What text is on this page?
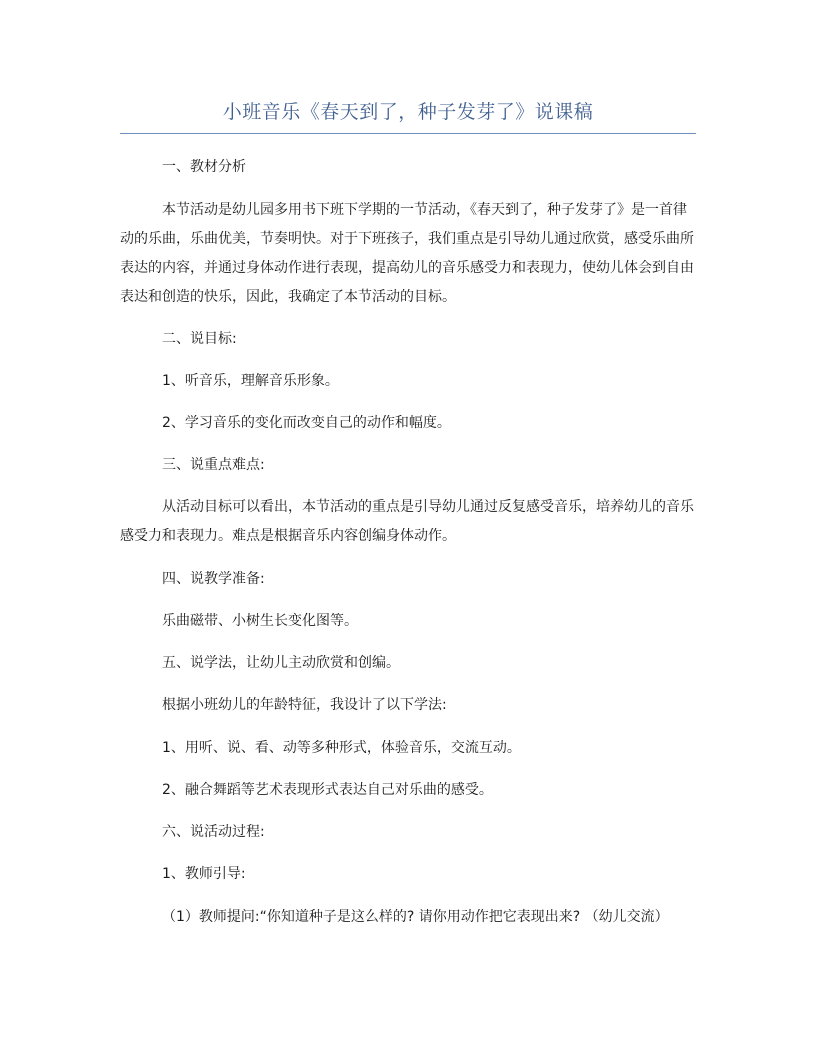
小班音乐《春天到了，种子发芽了》说课稿

一、教材分析

本节活动是幼儿园多用书下班下学期的一节活动，《春天到了，种子发芽了》是一首律动的乐曲，乐曲优美，节奏明快。对于下班孩子，我们重点是引导幼儿通过欣赏，感受乐曲所表达的内容，并通过身体动作进行表现，提高幼儿的音乐感受力和表现力，使幼儿体会到自由表达和创造的快乐，因此，我确定了本节活动的目标。

二、说目标:

1、听音乐，理解音乐形象。

2、学习音乐的变化而改变自己的动作和幅度。

三、说重点难点:

从活动目标可以看出，本节活动的重点是引导幼儿通过反复感受音乐，培养幼儿的音乐感受力和表现力。难点是根据音乐内容创编身体动作。

四、说教学准备:

乐曲磁带、小树生长变化图等。

五、说学法，让幼儿主动欣赏和创编。

根据小班幼儿的年龄特征，我设计了以下学法:

1、用听、说、看、动等多种形式，体验音乐，交流互动。

2、融合舞蹈等艺术表现形式表达自己对乐曲的感受。

六、说活动过程:

1、教师引导:

（1）教师提问:“你知道种子是这么样的? 请你用动作把它表现出来? （幼儿交流）
